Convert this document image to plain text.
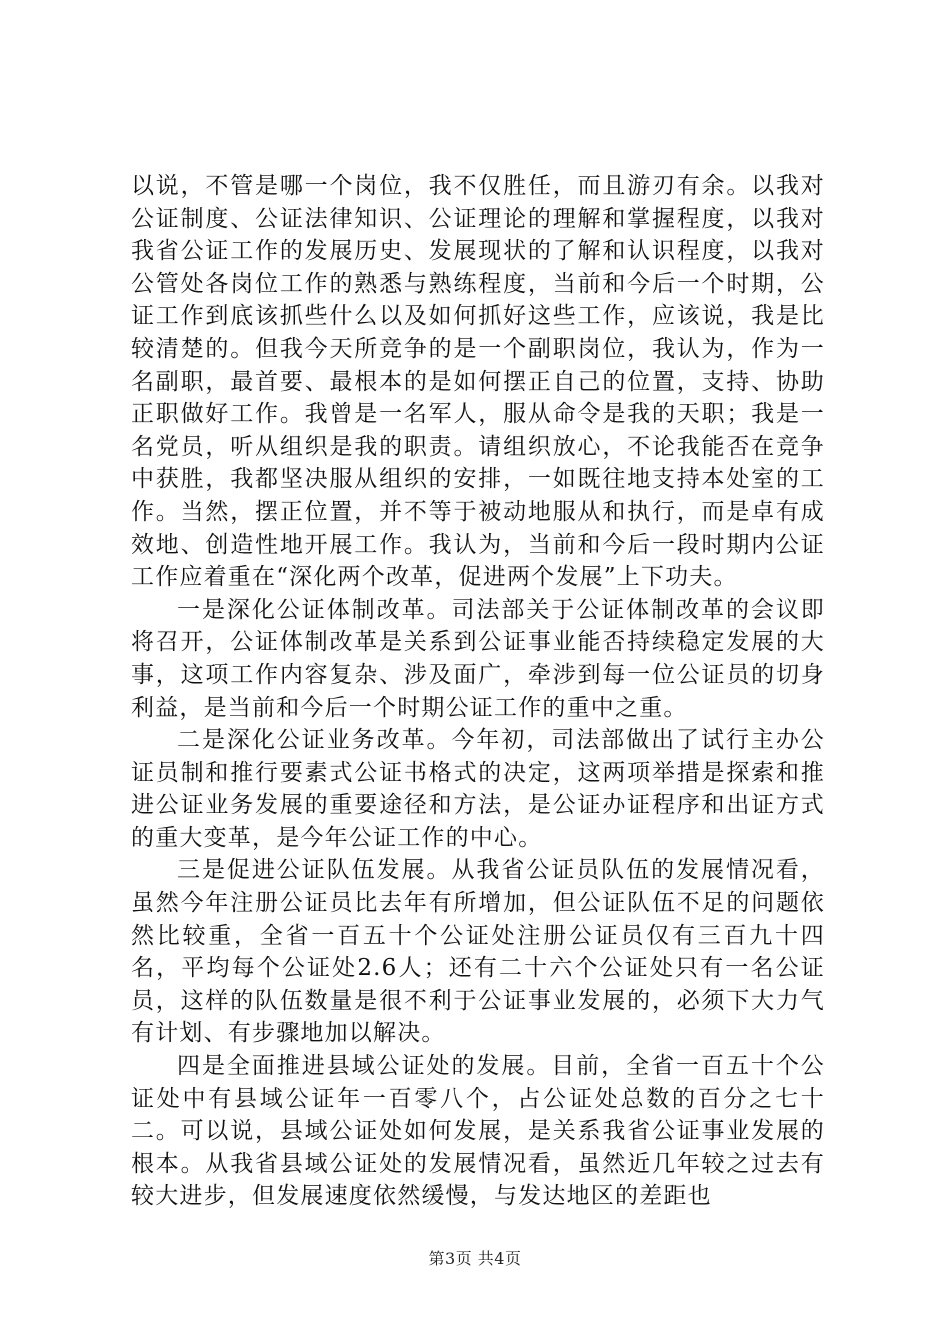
以说，不管是哪一个岗位，我不仅胜任，而且游刃有余。以我对公证制度、公证法律知识、公证理论的理解和掌握程度，以我对我省公证工作的发展历史、发展现状的了解和认识程度，以我对公管处各岗位工作的熟悉与熟练程度，当前和今后一个时期，公证工作到底该抓些什么以及如何抓好这些工作，应该说，我是比较清楚的。但我今天所竞争的是一个副职岗位，我认为，作为一名副职，最首要、最根本的是如何摆正自己的位置，支持、协助正职做好工作。我曾是一名军人，服从命令是我的天职；我是一名党员，听从组织是我的职责。请组织放心，不论我能否在竞争中获胜，我都坚决服从组织的安排，一如既往地支持本处室的工作。当然，摆正位置，并不等于被动地服从和执行，而是卓有成效地、创造性地开展工作。我认为，当前和今后一段时期内公证工作应着重在“深化两个改革，促进两个发展”上下功夫。

一是深化公证体制改革。司法部关于公证体制改革的会议即将召开，公证体制改革是关系到公证事业能否持续稳定发展的大事，这项工作内容复杂、涉及面广，牵涉到每一位公证员的切身利益，是当前和今后一个时期公证工作的重中之重。

二是深化公证业务改革。今年初，司法部做出了试行主办公证员制和推行要素式公证书格式的决定，这两项举措是探索和推进公证业务发展的重要途径和方法，是公证办证程序和出证方式的重大变革，是今年公证工作的中心。

三是促进公证队伍发展。从我省公证员队伍的发展情况看，虽然今年注册公证员比去年有所增加，但公证队伍不足的问题依然比较重，全省一百五十个公证处注册公证员仅有三百九十四名，平均每个公证处2.6人；还有二十六个公证处只有一名公证员，这样的队伍数量是很不利于公证事业发展的，必须下大力气有计划、有步骤地加以解决。

四是全面推进县域公证处的发展。目前，全省一百五十个公证处中有县域公证年一百零八个，占公证处总数的百分之七十二。可以说，县域公证处如何发展，是关系我省公证事业发展的根本。从我省县域公证处的发展情况看，虽然近几年较之过去有较大进步，但发展速度依然缓慢，与发达地区的差距也

第3页 共4页
